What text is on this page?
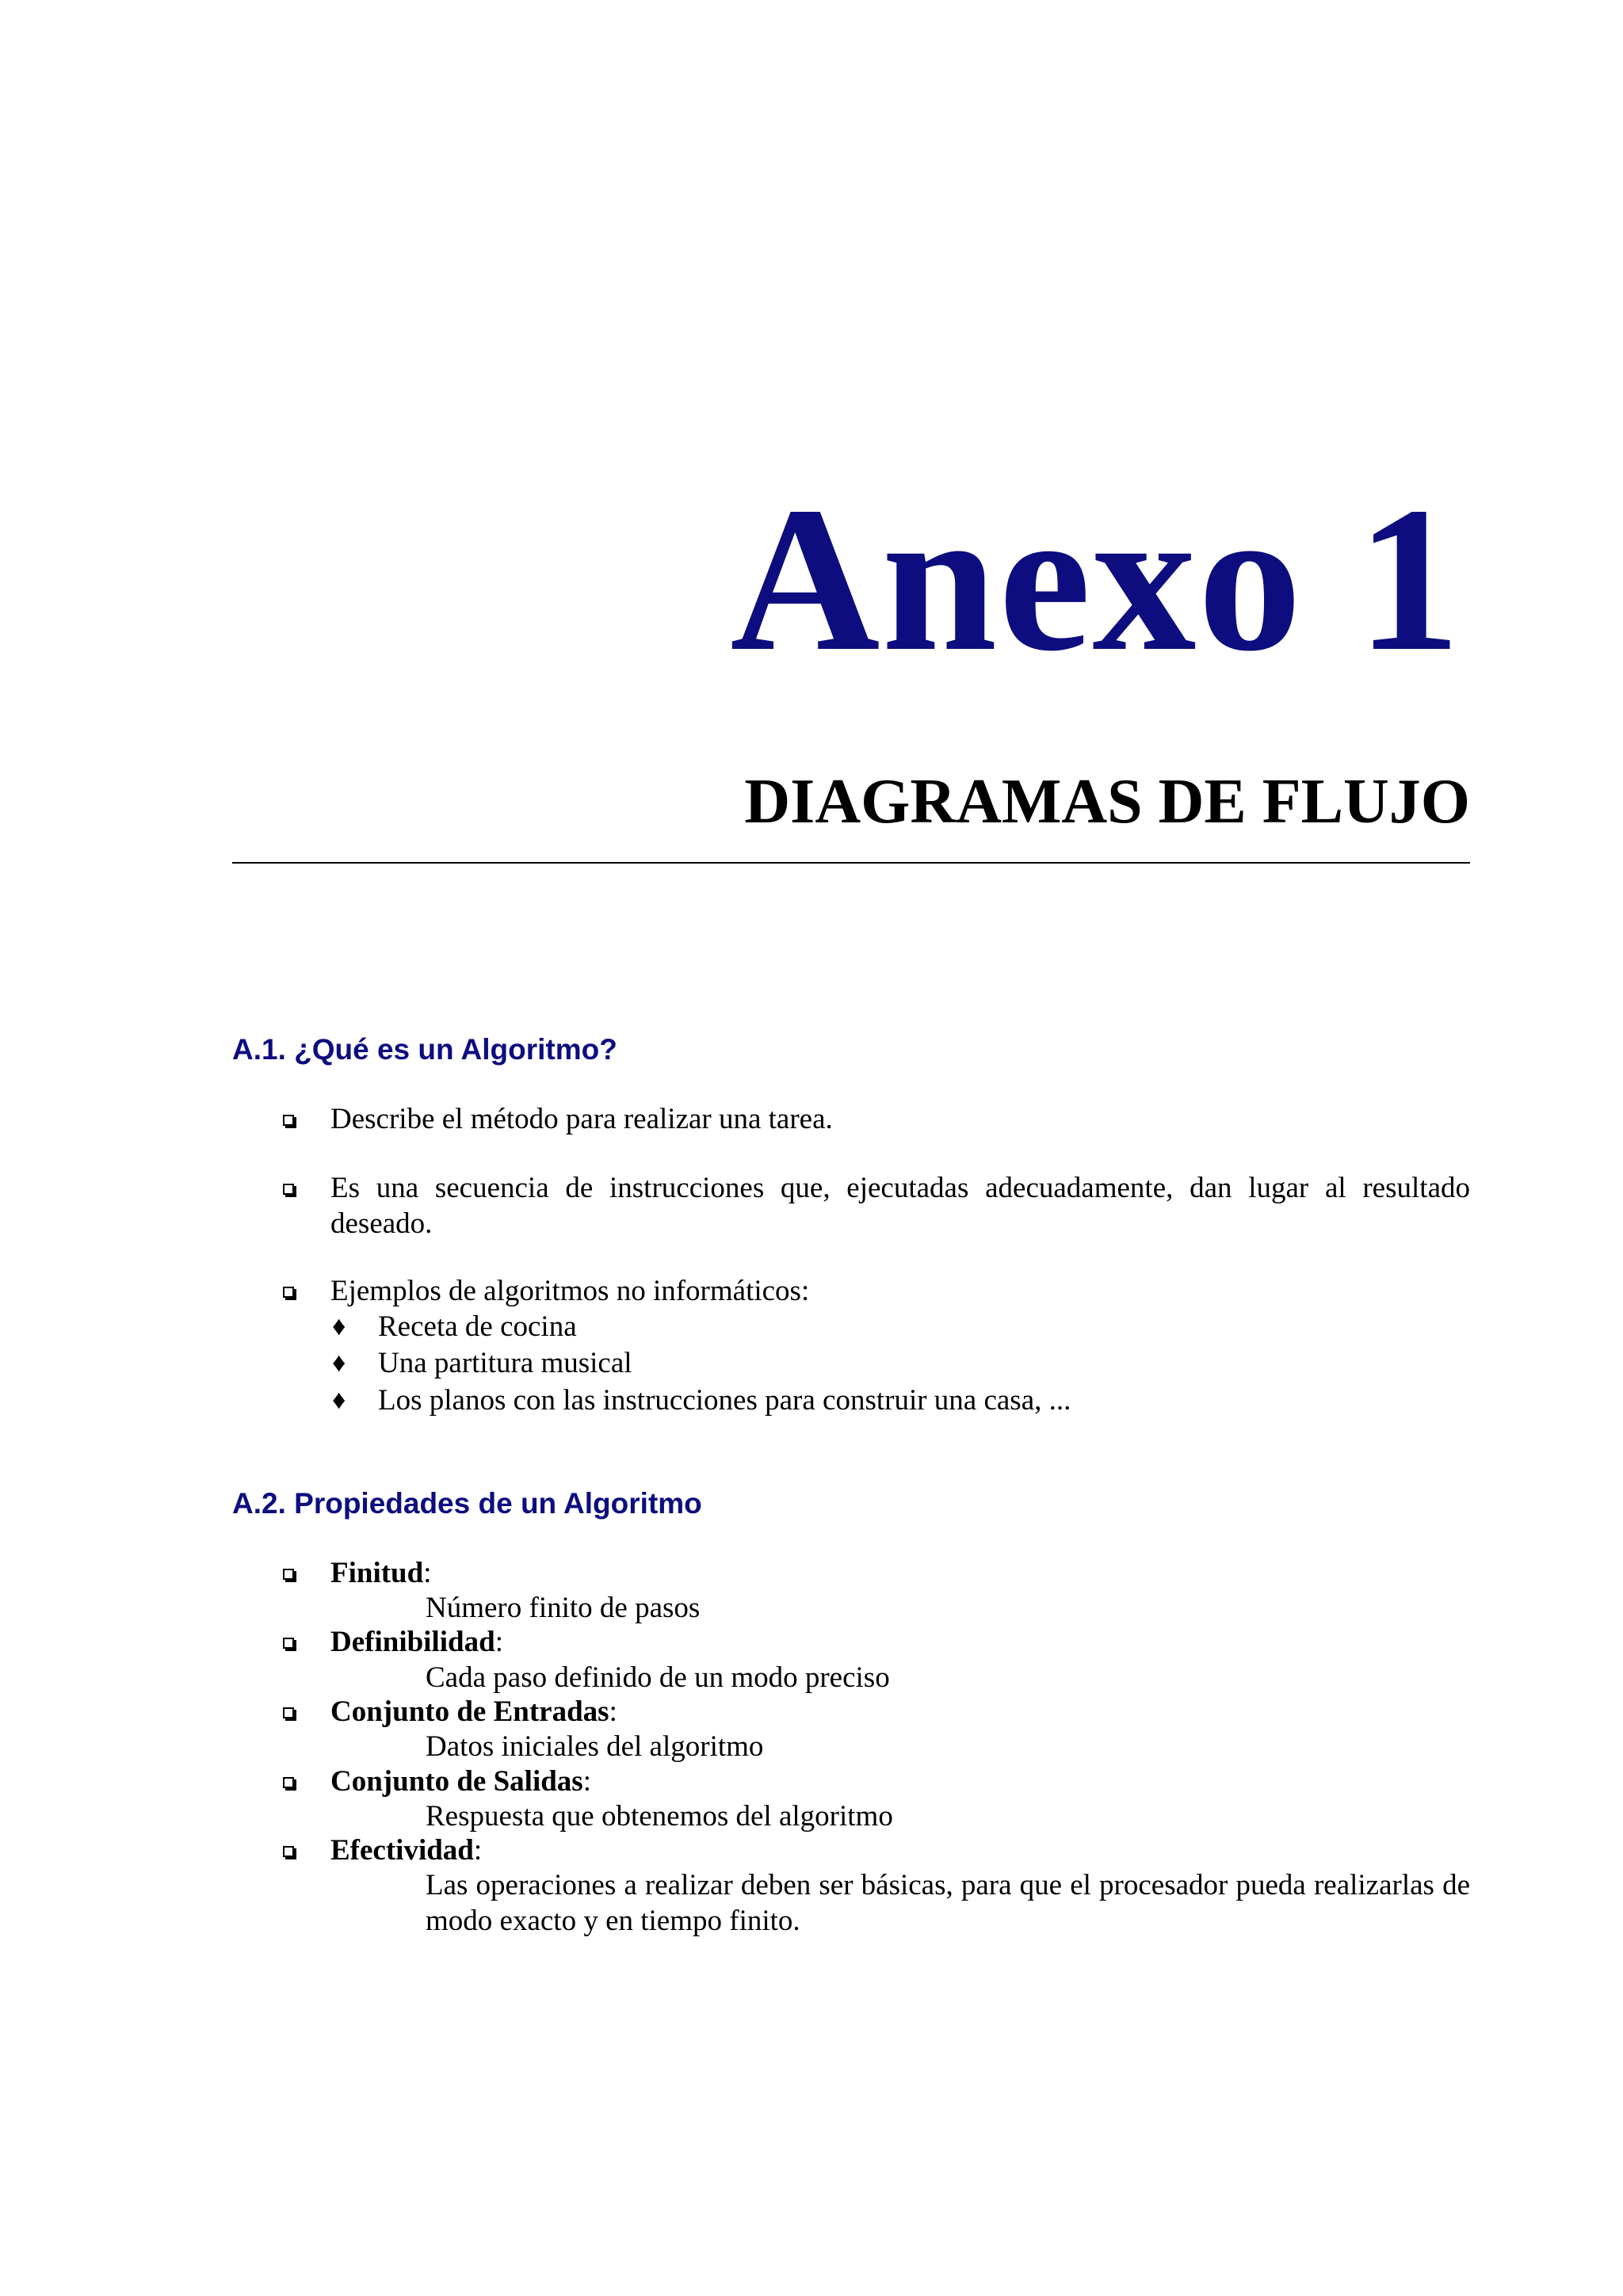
Anexo 1
DIAGRAMAS DE FLUJO
A.1. ¿Qué es un Algoritmo?
Describe el método para realizar una tarea.
Es una secuencia de instrucciones que, ejecutadas adecuadamente, dan lugar al resultado deseado.
Ejemplos de algoritmos no informáticos:
♦ Receta de cocina
♦ Una partitura musical
♦ Los planos con las instrucciones para construir una casa, ...
A.2. Propiedades de un Algoritmo
Finitud:
Número finito de pasos
Definibilidad:
Cada paso definido de un modo preciso
Conjunto de Entradas:
Datos iniciales del algoritmo
Conjunto de Salidas:
Respuesta que obtenemos del algoritmo
Efectividad:
Las operaciones a realizar deben ser básicas, para que el procesador pueda realizarlas de modo exacto y en tiempo finito.
